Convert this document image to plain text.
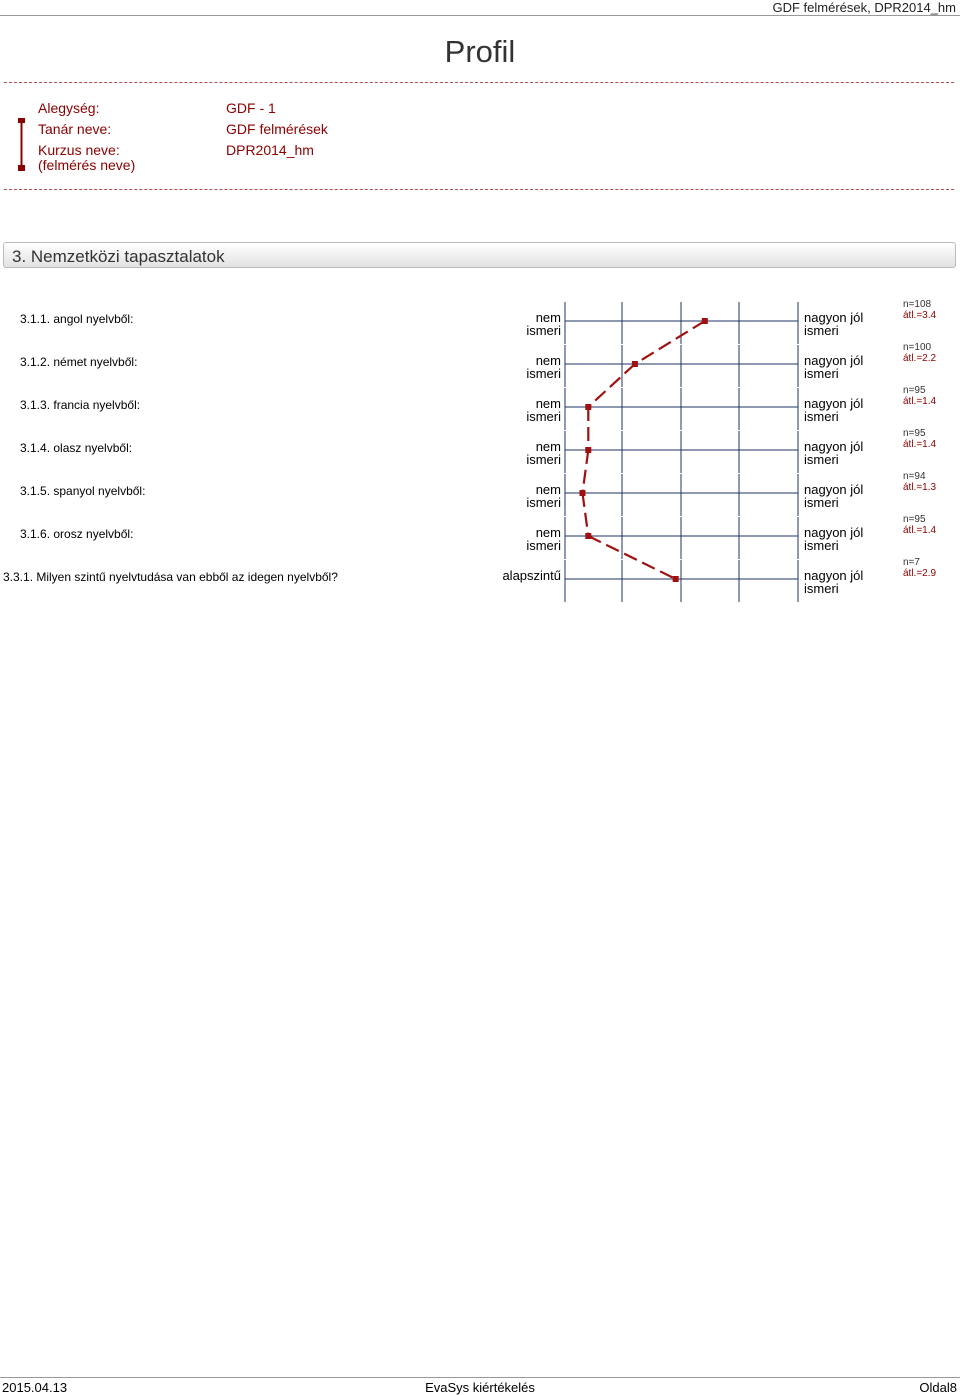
GDF felmérések, DPR2014_hm
Profil
Alegység:	GDF - 1
Tanár neve:	GDF felmérések
Kurzus neve:	DPR2014_hm
(felmérés neve)
3. Nemzetközi tapasztalatok
3.1.1. angol nyelvből:	nem
ismeri
nagyon jól
ismeri
n=108
átl.=3.4
3.1.2. német nyelvből:	nem
ismeri
nagyon jól
ismeri
n=100
átl.=2.2
3.1.3. francia nyelvből:	nem
ismeri
nagyon jól
ismeri
n=95
átl.=1.4
3.1.4. olasz nyelvből:	nem
ismeri
nagyon jól
ismeri
n=95
átl.=1.4
3.1.5. spanyol nyelvből:	nem
ismeri
nagyon jól
ismeri
n=94
átl.=1.3
3.1.6. orosz nyelvből:	nem
ismeri
nagyon jól
ismeri
n=95
átl.=1.4
3.3.1. Milyen szintű nyelvtudása van ebből az idegen nyelvből?	alapszintű	nagyon jól
ismeri
n=7
átl.=2.9
2015.04.13	EvaSys kiértékelés	Oldal8
